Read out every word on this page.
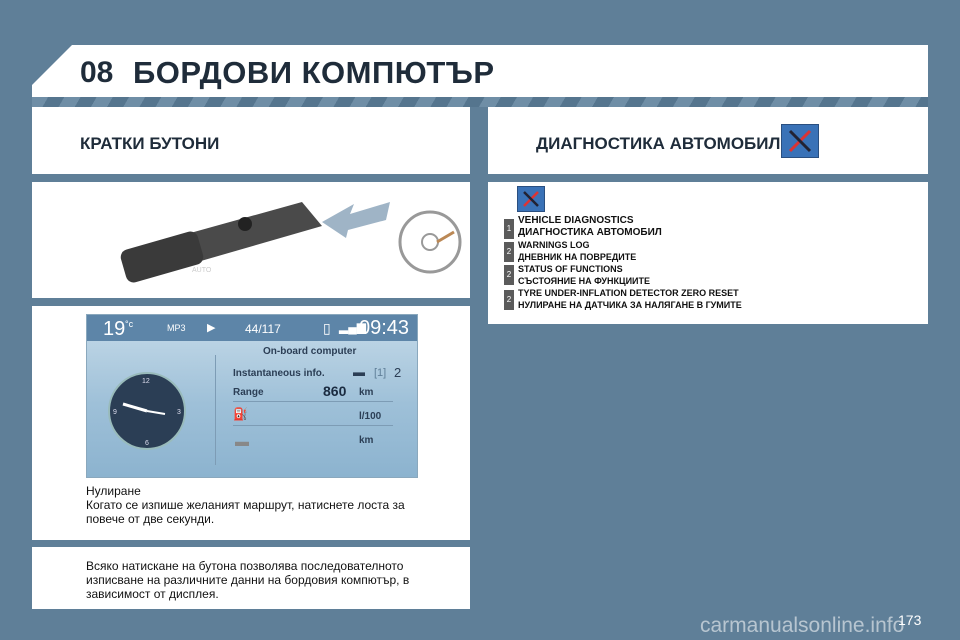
08 БОРДОВИ КОМПЮТЪР
КРАТКИ БУТОНИ
AUTO
19 °c	MP3 ▶ 44/117	▯ ▂▄▆
09:43
On-board computer
12
3
6
9
Instantaneous info. ▬ [1] 2
Range	860 km
⛽	l/100
▬	km
Нулиране
Когато се изпише желаният маршрут, натиснете лоста за повече от две секунди.
Всяко натискане на бутона позволява последователното изписване на различните данни на бордовия компютър, в зависимост от дисплея.
ДИАГНОСТИКА АВТОМОБИЛ
1
VEHICLE DIAGNOSTICS
ДИАГНОСТИКА АВТОМОБИЛ
2
WARNINGS LOG
ДНЕВНИК НА ПОВРЕДИТЕ
2
STATUS OF FUNCTIONS
СЪСТОЯНИЕ НА ФУНКЦИИТЕ
2
TYRE UNDER-INFLATION DETECTOR ZERO RESET
НУЛИРАНЕ НА ДАТЧИКА ЗА НАЛЯГАНЕ В ГУМИТЕ
173
carmanualsonline.info
